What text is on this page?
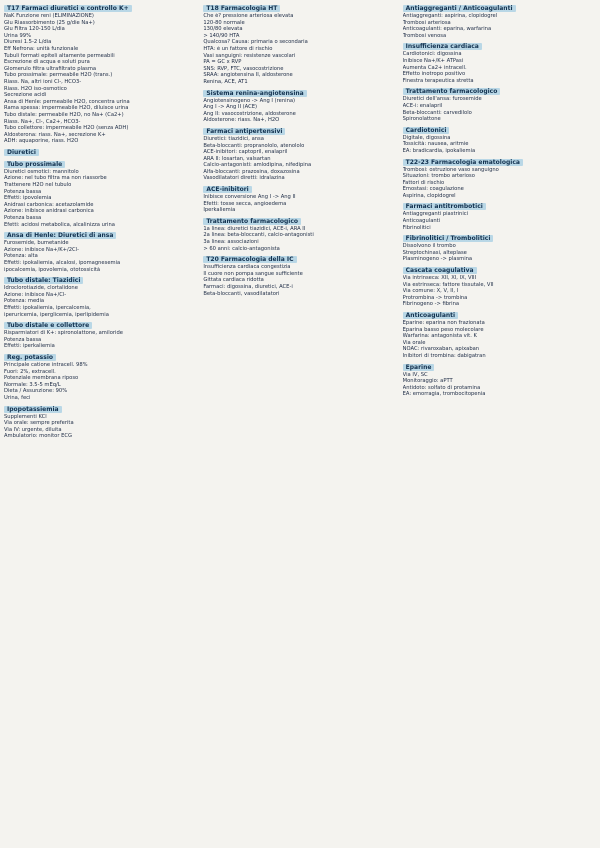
T17 Farmaci diuretici e controllo K+
NaK Funzione reni (ELIMINAZIONE)
Glu Riassorbimento (25 g/die Na+)
Glu Filtra 120-150 L/dia
Urina 99%
Diuresi 1.5-2 L/dia
Eff Nefrona: unità funzionale
Tubuli formati epiteli altamente permeabili
Escrezione di acqua e soluti pura
Glomerulo filtra ultrafiltrato plasma
Tubo prossimale: permeabile H2O (trans.)
Riass. Na, altri ioni Cl-, HCO3-
Riass. H2O iso-osmotico
Secrezione acidi
Ansa di Henle: permeabile H2O, concentra urina
Rama spessa: impermeabile H2O, diluisce urina
Tubo distale: permeabile H2O, no Na+ (Ca2+)
Riass. Na+, Cl-, Ca2+, HCO3-
Tubo collettore: impermeabile H2O (senza ADH)
Aldosterona: riass. Na+, secrezione K+
ADH: aquaporine, riass. H2O
Diuretici
Tubo prossimale
Diuretici osmotici: mannitolo
Azione: nel tubo filtra ma non riassorbe
Trattenere H2O nel tubulo
Potenza bassa
Effetti: ipovolemia
Anidrasi carbonica: acetazolamide
Azione: inibisce anidrasi carbonica
Potenza bassa
Efetti: acidosi metabolica, alcalinizza urina
Ansa di Henle: Diuretici di ansa
Furosemide, bumetanide
Azione: inibisce Na+/K+/2Cl-
Potenza: alta
Effetti: ipokaliemia, alcalosi, ipomagnesemia
ipocalcemia, ipovolemia, ototossicità
Tubo distale: Tiazidici
Idroclorotiazide, clortalidone
Azione: inibisce Na+/Cl-
Potenza: media
Effetti: ipokaliemia, ipercalcemia,
iperuricemia, iperglicemia, iperlipidemia
Tubo distale e collettore
Risparmiatori di K+: spironolattone, amiloride
Potenza bassa
Effetti: iperkaliemia
Reg. potassio
Principale catione intracell. 98%
Fuori: 2%, extracell.
Potenziale membrana riposo
Normale: 3.5-5 mEq/L
Dieta / Assunzione: 90%
Urina, feci
Ipopotassiemia
Supplementi KCl
Via orale: sempre preferita
Via IV: urgente, diluita
Ambulatorio: monitor ECG
T18 Farmacologia HT
Che è? pressione arteriosa elevata
120-80 normale
130/80 elevata
> 140/90 HTA
Qualcosa? Causa: primaria o secondaria
HTA: è un fattore di rischio
Vasi sanguigni: resistenze vascolari
PA = GC x RVP
SNS: RVP, FTC, vasocostrizione
SRAA: angiotensina II, aldosterone
Renina, ACE, AT1
Sistema renina-angiotensina
Angiotensinogeno -> Ang I (renina)
Ang I -> Ang II (ACE)
Ang II: vasocostrizione, aldosterone
Aldosterone: riass. Na+, H2O
Farmaci antipertensivi
Diuretici: tiazidici, ansa
Beta-bloccanti: propranololo, atenololo
ACE-inibitori: captopril, enalapril
ARA II: losartan, valsartan
Calcio-antagonisti: amlodipina, nifedipina
Alfa-bloccanti: prazosina, doxazosina
Vasodilatatori diretti: idralazina
ACE-inibitori
Inibisce conversione Ang I -> Ang II
Efetti: tosse secca, angioedema
Iperkaliemia
Trattamento farmacologico
1a linea: diuretici tiazidici, ACE-i, ARA II
2a linea: beta-bloccanti, calcio-antagonisti
3a linea: associazioni
> 60 anni: calcio-antagonista
T20 Farmacologia della IC
Insufficienza cardiaca congestizia
Il cuore non pompa sangue sufficiente
Gittata cardiaca ridotta
Farmaci: digossina, diuretici, ACE-i
Beta-bloccanti, vasodilatatori
Antiaggreganti / Anticoagulanti
Antiaggreganti: aspirina, clopidogrel
Trombosi arteriosa
Anticoagulanti: eparina, warfarina
Trombosi venosa
Insufficienza cardiaca
Cardiotonici: digossina
Inibisce Na+/K+ ATPasi
Aumenta Ca2+ intracell.
Effetto inotropo positivo
Finestra terapeutica stretta
Trattamento farmacologico
Diuretici dell'ansa: furosemide
ACE-i: enalapril
Beta-bloccanti: carvedilolo
Spironolattone
Cardiotonici
Digitale, digossina
Tossicità: nausea, aritmie
EA: bradicardia, ipokaliemia
T22-23 Farmacologia ematologica
Trombosi: ostruzione vaso sanguigno
Situazioni: trombo arterioso
Fattori di rischio
Emostasi: coagulazione
Aspirina, clopidogrel
Farmaci antitrombotici
Antiaggreganti piastrinici
Anticoagulanti
Fibrinolitici
Fibrinolitici / Trombolitici
Dissolvono il trombo
Streptochinasi, alteplase
Plasminogeno -> plasmina
Cascata coagulativa
Via intrinseca: XII, XI, IX, VIII
Via estrinseca: fattore tissutale, VII
Via comune: X, V, II, I
Protrombina -> trombina
Fibrinogeno -> fibrina
Anticoagulanti
Eparine: eparina non frazionata
Eparina basso peso molecolare
Warfarina: antagonista vit. K
Via orale
NOAC: rivaroxaban, apixaban
Inibitori di trombina: dabigatran
Eparine
Via IV, SC
Monitoraggio: aPTT
Antidoto: solfato di protamina
EA: emorragia, trombocitopenia
